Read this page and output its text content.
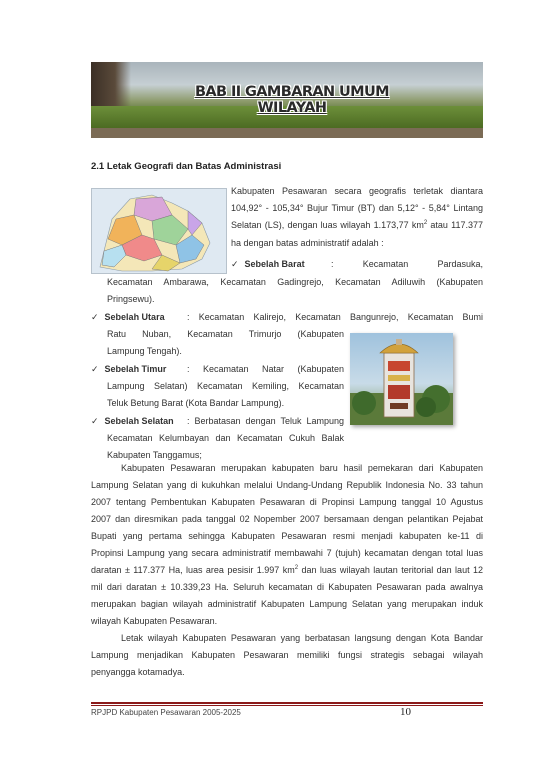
BAB II GAMBARAN UMUM WILAYAH
2.1 Letak Geografi dan Batas Administrasi
Kabupaten Pesawaran secara geografis terletak diantara
104,92° - 105,34° Bujur Timur (BT) dan 5,12° - 5,84° Lintang
Selatan (LS), dengan luas wilayah 1.173,77 $km^2$ atau 117.377
ha dengan batas administratif adalah :
✓ Sebelah Barat	: Kecamatan Pardasuka,
Kecamatan Ambarawa, Kecamatan Gadingrejo, Kecamatan Adiluwih (Kabupaten
Pringsewu).
✓ Sebelah Utara : Kecamatan Kalirejo, Kecamatan Bangunrejo, Kecamatan Bumi
Ratu Nuban, Kecamatan Trimurjo (Kabupaten
Lampung Tengah).
✓ Sebelah Timur : Kecamatan Natar (Kabupaten
Lampung Selatan) Kecamatan Kemiling, Kecamatan
Teluk Betung Barat (Kota Bandar Lampung).
✓ Sebelah Selatan : Berbatasan dengan Teluk Lampung
Kecamatan Kelumbayan dan Kecamatan Cukuh Balak
Kabupaten Tanggamus;
Kabupaten Pesawaran merupakan kabupaten baru hasil pemekaran dari Kabupaten
Lampung Selatan yang di kukuhkan melalui Undang-Undang Republik Indonesia No. 33 tahun
2007 tentang Pembentukan Kabupaten Pesawaran di Propinsi Lampung tanggal 10 Agustus
2007 dan diresmikan pada tanggal 02 Nopember 2007 bersamaan dengan pelantikan Pejabat
Bupati yang pertama sehingga Kabupaten Pesawaran resmi menjadi kabupaten ke-11 di
Propinsi Lampung yang secara administratif membawahi 7 (tujuh) kecamatan dengan total luas
daratan ± 117.377 Ha, luas area pesisir 1.997 $km^2$ dan luas wilayah lautan teritorial dan laut 12
mil dari daratan ± 10.339,23 Ha. Seluruh kecamatan di Kabupaten Pesawaran pada awalnya
merupakan bagian wilayah administratif Kabupaten Lampung Selatan yang merupakan induk
wilayah Kabupaten Pesawaran.
Letak wilayah Kabupaten Pesawaran yang berbatasan langsung dengan Kota Bandar
Lampung menjadikan Kabupaten Pesawaran memiliki fungsi strategis sebagai wilayah
penyangga kotamadya.
RPJPD Kabupaten Pesawaran 2005-2025	10
